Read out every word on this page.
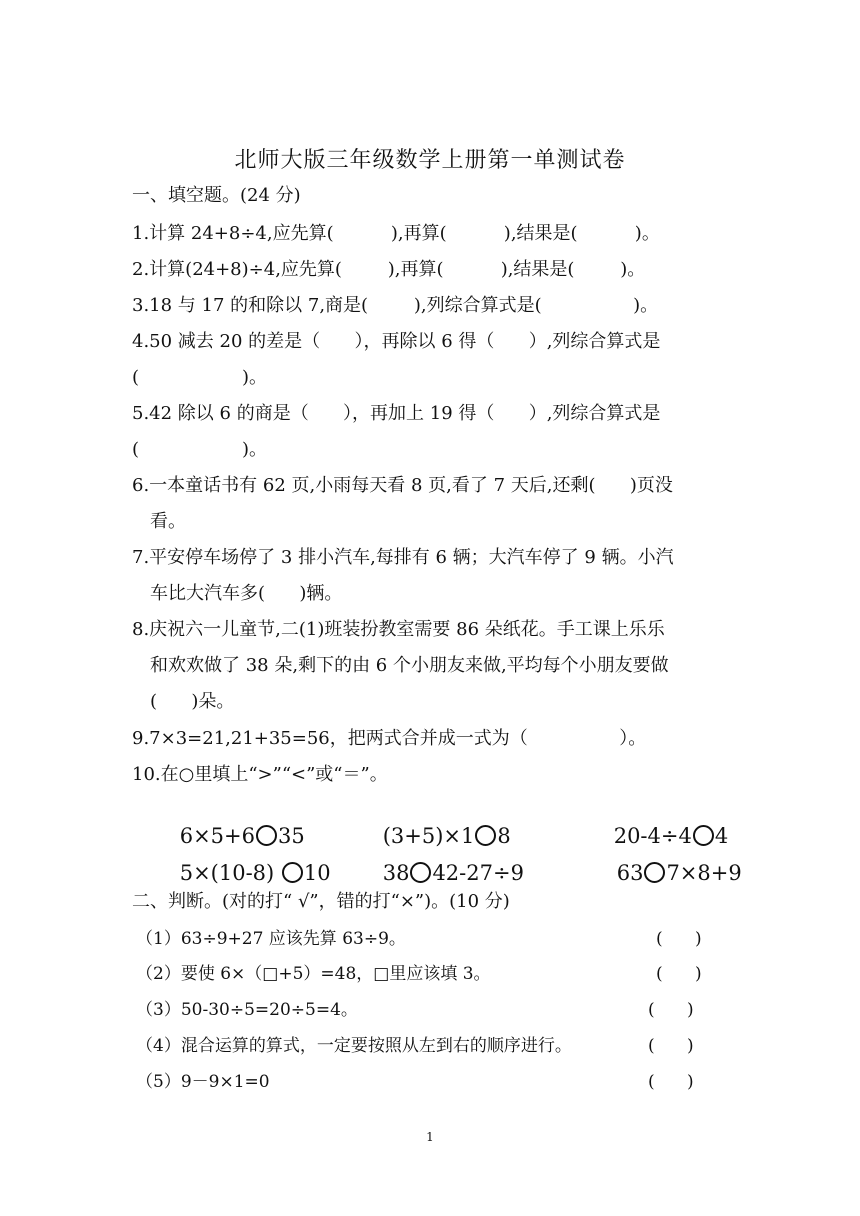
北师大版三年级数学上册第一单测试卷
一、填空题。(24 分)
1.计算 24+8÷4,应先算(          ),再算(          ),结果是(          )。
2.计算(24+8)÷4,应先算(        ),再算(          ),结果是(        )。
3.18 与 17 的和除以 7,商是(        ),列综合算式是(                )。
4.50 减去 20 的差是（      ），再除以 6 得（      ）,列综合算式是
(                  )。
5.42 除以 6 的商是（      ），再加上 19 得（      ）,列综合算式是
(                  )。
6.一本童话书有 62 页,小雨每天看 8 页,看了 7 天后,还剩(      )页没
看。
7.平安停车场停了 3 排小汽车,每排有 6 辆；大汽车停了 9 辆。小汽
车比大汽车多(      )辆。
8.庆祝六一儿童节,二(1)班装扮教室需要 86 朵纸花。手工课上乐乐
和欢欢做了 38 朵,剩下的由 6 个小朋友来做,平均每个小朋友要做
(      )朵。
9.7×3=21,21+35=56，把两式合并成一式为（                ）。
10.在○里填上“>”“<”或“＝”。

6×5+6 35
	(3+5)×1 8
	20-4÷4 4

5×(10-8) 10
	38 42-27÷9
	63 7×8+9

二、判断。(对的打“ √”，错的打“×”)。(10 分)
（1）63÷9+27 应该先算 63÷9。	(      )
（2）要使 6×（□+5）=48，□里应该填 3。	(      )
（3）50-30÷5=20÷5=4。	(      )
（4）混合运算的算式，一定要按照从左到右的顺序进行。	(      )
（5）9－9×1=0	(      )
1
